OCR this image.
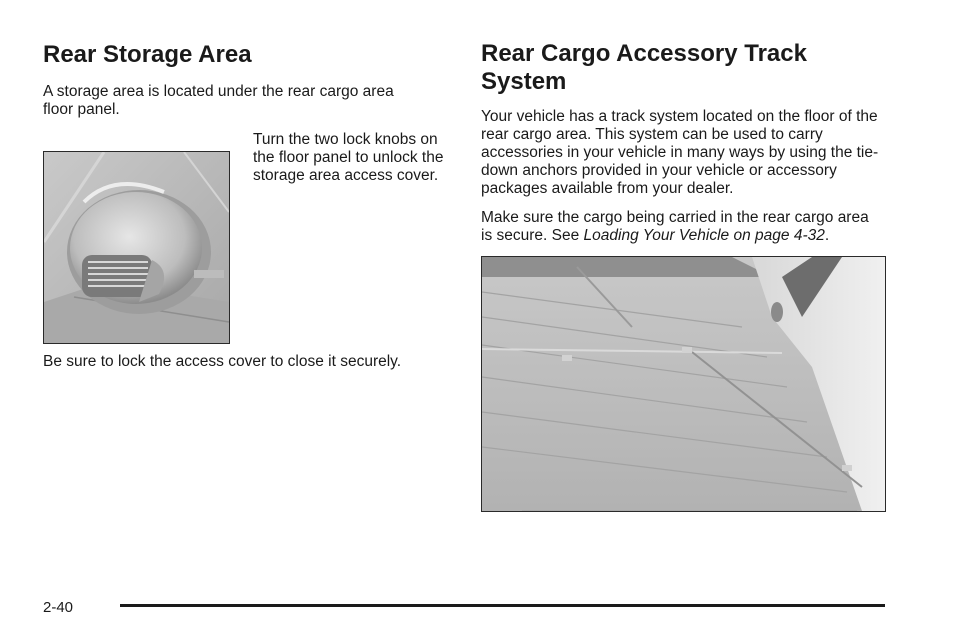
Rear Storage Area

A storage area is located under the rear cargo area floor panel.

Turn the two lock knobs on the floor panel to unlock the storage area access cover.

Be sure to lock the access cover to close it securely.

Rear Cargo Accessory Track System

Your vehicle has a track system located on the floor of the rear cargo area. This system can be used to carry accessories in your vehicle in many ways by using the tie-down anchors provided in your vehicle or accessory packages available from your dealer.

Make sure the cargo being carried in the rear cargo area is secure. See Loading Your Vehicle on page 4-32.

2-40
